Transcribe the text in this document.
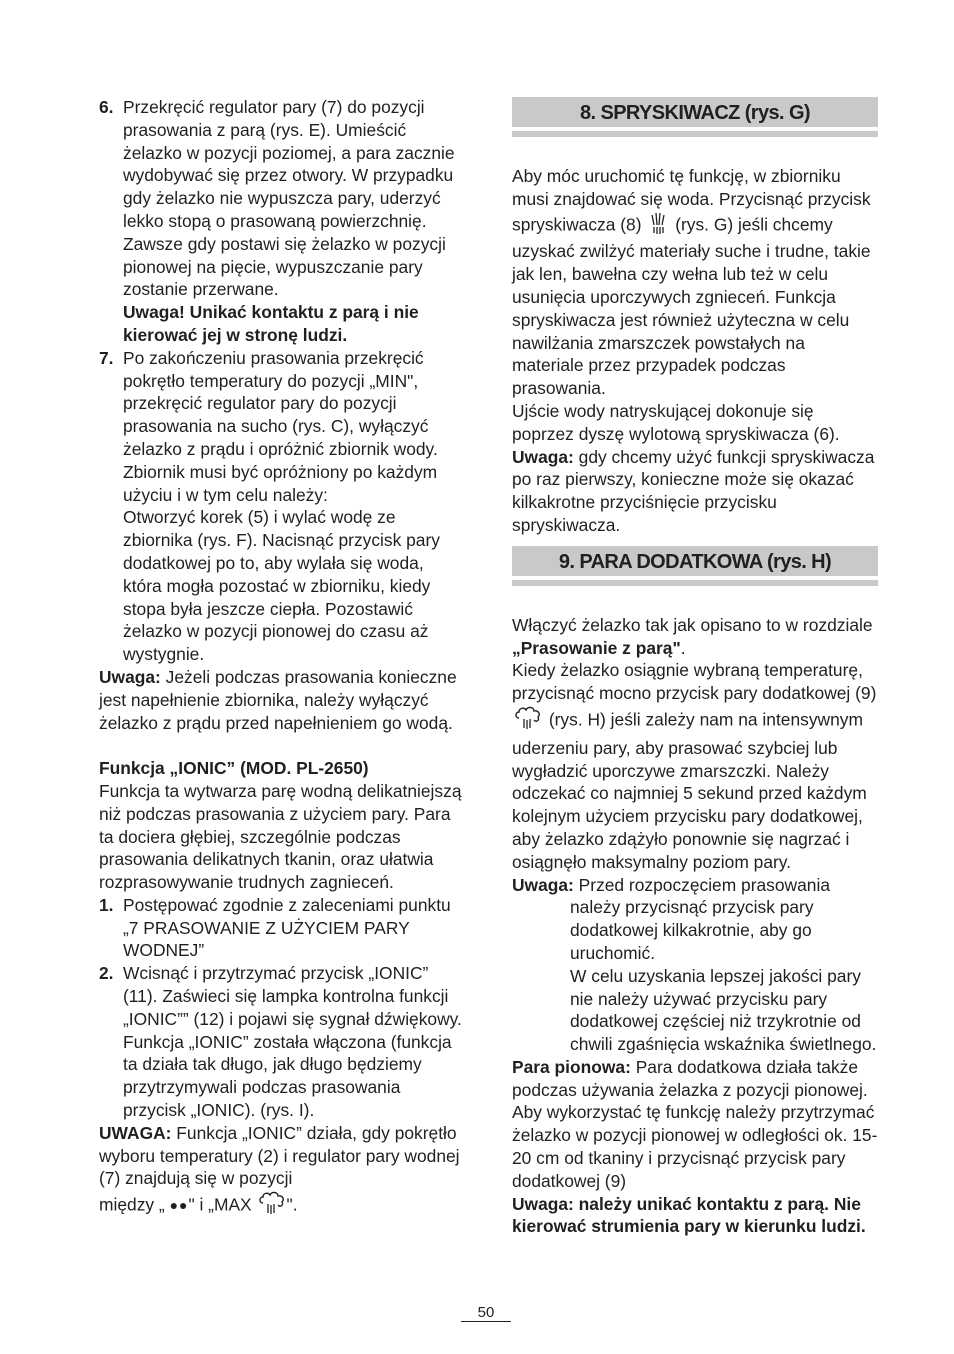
6. Przekręcić regulator pary (7) do pozycji prasowania z parą (rys. E). Umieścić żelazko w pozycji poziomej, a para zacznie wydobywać się przez otwory. W przypadku gdy żelazko nie wypuszcza pary, uderzyć lekko stopą o prasowaną powierzchnię. Zawsze gdy postawi się żelazko w pozycji pionowej na pięcie, wypuszczanie pary zostanie przerwane.
Uwaga! Unikać kontaktu z parą i nie kierować jej w stronę ludzi.
7. Po zakończeniu prasowania przekręcić pokrętło temperatury do pozycji „MIN", przekręcić regulator pary do pozycji prasowania na sucho (rys. C), wyłączyć żelazko z prądu i opróżnić zbiornik wody. Zbiornik musi być opróżniony po każdym użyciu i w tym celu należy:
Otworzyć korek (5) i wylać wodę ze zbiornika (rys. F). Nacisnąć przycisk pary dodatkowej po to, aby wylała się woda, która mogła pozostać w zbiorniku, kiedy stopa była jeszcze ciepła. Pozostawić żelazko w pozycji pionowej do czasu aż wystygnie.

Uwaga: Jeżeli podczas prasowania konieczne jest napełnienie zbiornika, należy wyłączyć żelazko z prądu przed napełnieniem go wodą.

Funkcja „IONIC” (MOD. PL-2650)

Funkcja ta wytwarza parę wodną delikatniejszą niż podczas prasowania z użyciem pary. Para ta dociera głębiej, szczególnie podczas prasowania delikatnych tkanin, oraz ułatwia rozprasowywanie trudnych zagnieceń.

1. Postępować zgodnie z zaleceniami punktu „7 PRASOWANIE Z UŻYCIEM PARY WODNEJ”
2. Wcisnąć i przytrzymać przycisk „IONIC” (11). Zaświeci się lampka kontrolna funkcji „IONIC”” (12) i pojawi się sygnał dźwiękowy. Funkcja „IONIC” została włączona (funkcja ta działa tak długo, jak długo będziemy przytrzymywali podczas prasowania przycisk „IONIC). (rys. I).

UWAGA: Funkcja „IONIC” działa, gdy pokrętło wyboru temperatury (2) i regulator pary wodnej (7) znajdują się w pozycji
między „ ●●" i „MAX ".

8. SPRYSKIWACZ (rys. G)

Aby móc uruchomić tę funkcję, w zbiorniku musi znajdować się woda. Przycisnąć przycisk spryskiwacza (8) (rys. G) jeśli chcemy uzyskać zwilżyć materiały suche i trudne, takie jak len, bawełna czy wełna lub też w celu usunięcia uporczywych zgnieceń. Funkcja spryskiwacza jest również użyteczna w celu nawilżania zmarszczek powstałych na materiale przez przypadek podczas prasowania.

Ujście wody natryskującej dokonuje się poprzez dyszę wylotową spryskiwacza (6).

Uwaga: gdy chcemy użyć funkcji spryskiwacza po raz pierwszy, konieczne może się okazać kilkakrotne przyciśnięcie przycisku spryskiwacza.

9. PARA DODATKOWA (rys. H)

Włączyć żelazko tak jak opisano to w rozdziale „Prasowanie z parą".

Kiedy żelazko osiągnie wybraną temperaturę, przycisnąć mocno przycisk pary dodatkowej (9)  (rys. H) jeśli zależy nam na intensywnym uderzeniu pary, aby prasować szybciej lub wygładzić uporczywe zmarszczki. Należy odczekać co najmniej 5 sekund przed każdym kolejnym użyciem przycisku pary dodatkowej, aby żelazko zdążyło ponownie się nagrzać i osiągnęło maksymalny poziom pary.

Uwaga: Przed rozpoczęciem prasowania

należy przycisnąć przycisk pary dodatkowej kilkakrotnie, aby go uruchomić.

W celu uzyskania lepszej jakości pary nie należy używać przycisku pary dodatkowej częściej niż trzykrotnie od chwili zgaśnięcia wskaźnika świetlnego.

Para pionowa: Para dodatkowa działa także podczas używania żelazka z pozycji pionowej. Aby wykorzystać tę funkcję należy przytrzymać żelazko w pozycji pionowej w odległości ok. 15-20 cm od tkaniny i przycisnąć przycisk pary dodatkowej (9)

Uwaga: należy unikać kontaktu z parą. Nie kierować strumienia pary w kierunku ludzi.

50
